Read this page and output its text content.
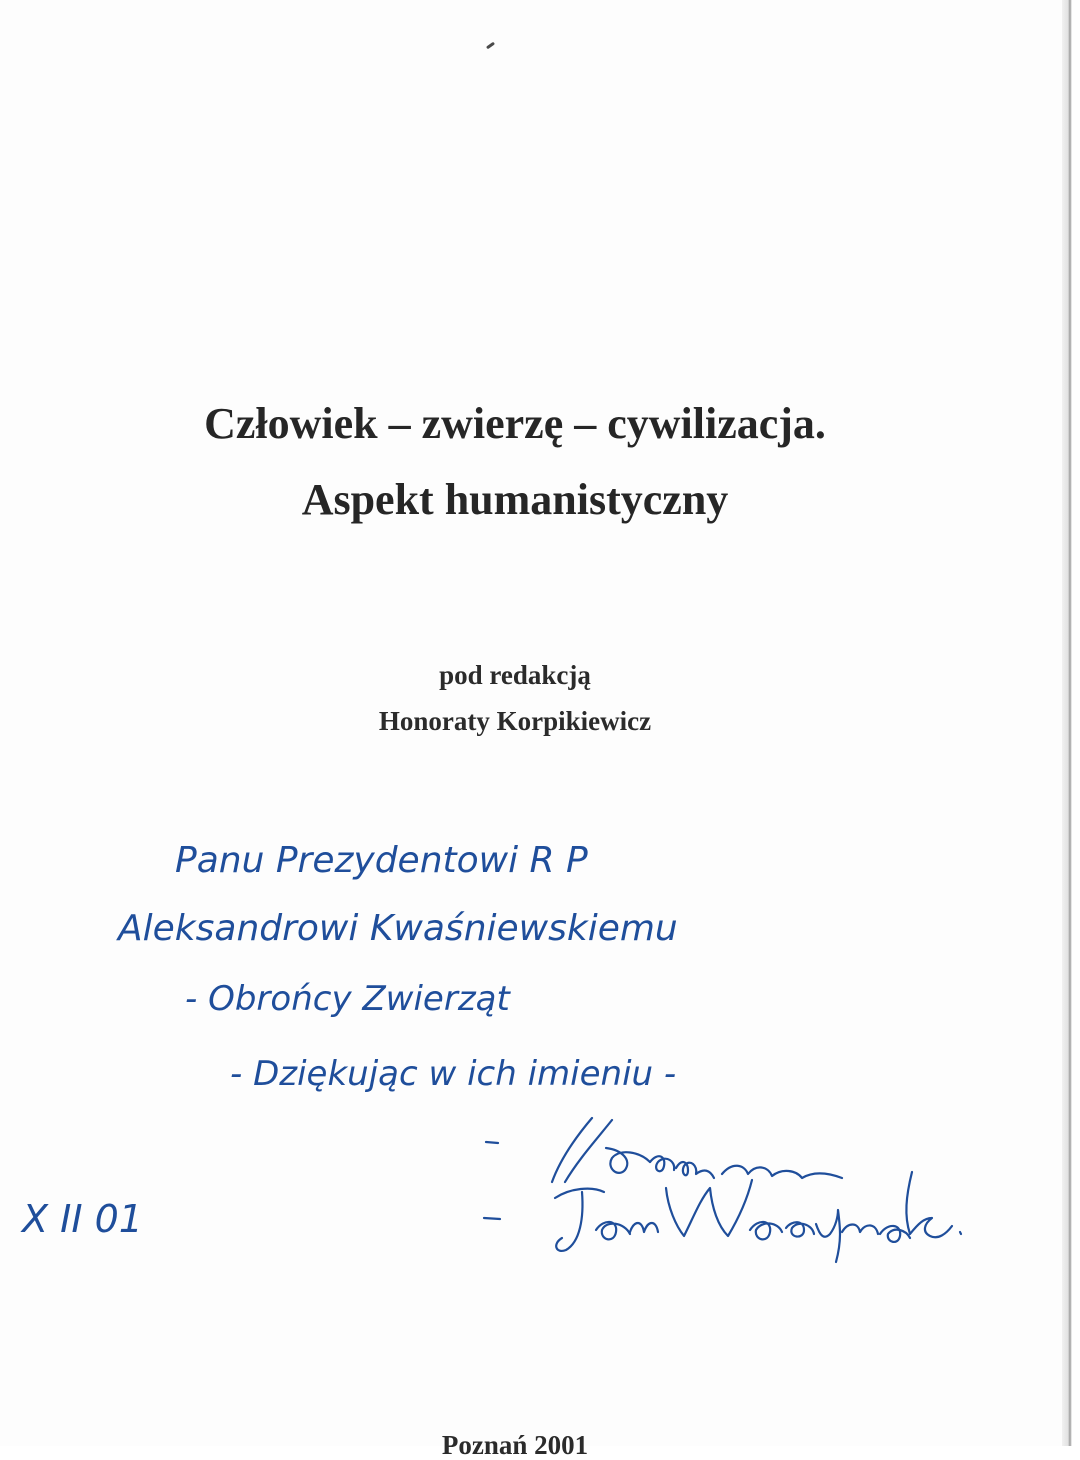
Człowiek – zwierzę – cywilizacja.
Aspekt humanistyczny
pod redakcją
Honoraty Korpikiewicz
Panu Prezydentowi R P
Aleksandrowi Kwaśniewskiemu
- Obrońcy Zwierząt
- Dziękując w ich imieniu -
X II 01
Poznań 2001
